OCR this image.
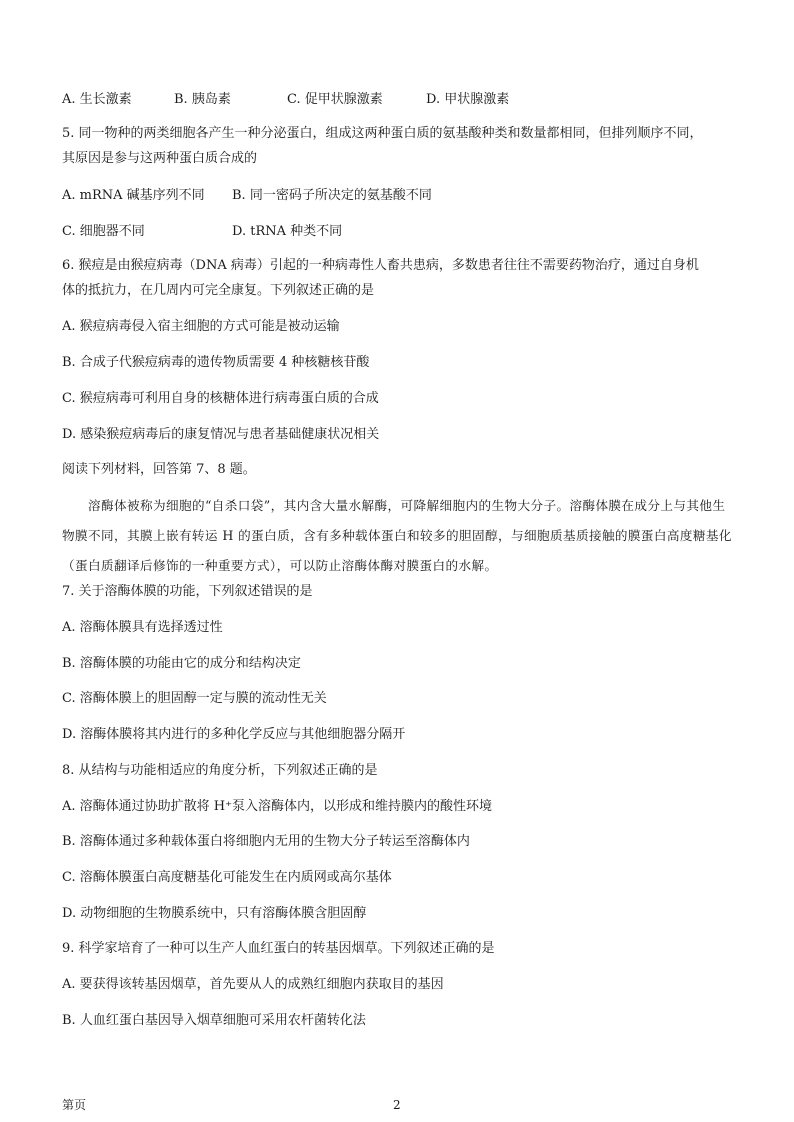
A. 生长激素	B. 胰岛素	C. 促甲状腺激素	D. 甲状腺激素
5. 同一物种的两类细胞各产生一种分泌蛋白，组成这两种蛋白质的氨基酸种类和数量都相同，但排列顺序不同，
其原因是参与这两种蛋白质合成的
A. mRNA 碱基序列不同 B. 同一密码子所决定的氨基酸不同
C. 细胞器不同	D. tRNA 种类不同
6. 猴痘是由猴痘病毒（DNA 病毒）引起的一种病毒性人畜共患病，多数患者往往不需要药物治疗，通过自身机
体的抵抗力，在几周内可完全康复。下列叙述正确的是
A. 猴痘病毒侵入宿主细胞的方式可能是被动运输
B. 合成子代猴痘病毒的遗传物质需要 4 种核糖核苷酸
C. 猴痘病毒可利用自身的核糖体进行病毒蛋白质的合成
D. 感染猴痘病毒后的康复情况与患者基础健康状况相关
阅读下列材料，回答第 7、8 题。
溶酶体被称为细胞的“自杀口袋”，其内含大量水解酶，可降解细胞内的生物大分子。溶酶体膜在成分上与其他生物膜不同，其膜上嵌有转运 H 的蛋白质，含有多种载体蛋白和较多的胆固醇，与细胞质基质接触的膜蛋白高度糖基化（蛋白质翻译后修饰的一种重要方式），可以防止溶酶体酶对膜蛋白的水解。
7. 关于溶酶体膜的功能，下列叙述错误的是
A. 溶酶体膜具有选择透过性
B. 溶酶体膜的功能由它的成分和结构决定
C. 溶酶体膜上的胆固醇一定与膜的流动性无关
D. 溶酶体膜将其内进行的多种化学反应与其他细胞器分隔开
8. 从结构与功能相适应的角度分析，下列叙述正确的是
A. 溶酶体通过协助扩散将 H⁺泵入溶酶体内，以形成和维持膜内的酸性环境
B. 溶酶体通过多种载体蛋白将细胞内无用的生物大分子转运至溶酶体内
C. 溶酶体膜蛋白高度糖基化可能发生在内质网或高尔基体
D. 动物细胞的生物膜系统中，只有溶酶体膜含胆固醇
9. 科学家培育了一种可以生产人血红蛋白的转基因烟草。下列叙述正确的是
A. 要获得该转基因烟草，首先要从人的成熟红细胞内获取目的基因
B. 人血红蛋白基因导入烟草细胞可采用农杆菌转化法
第页	2
